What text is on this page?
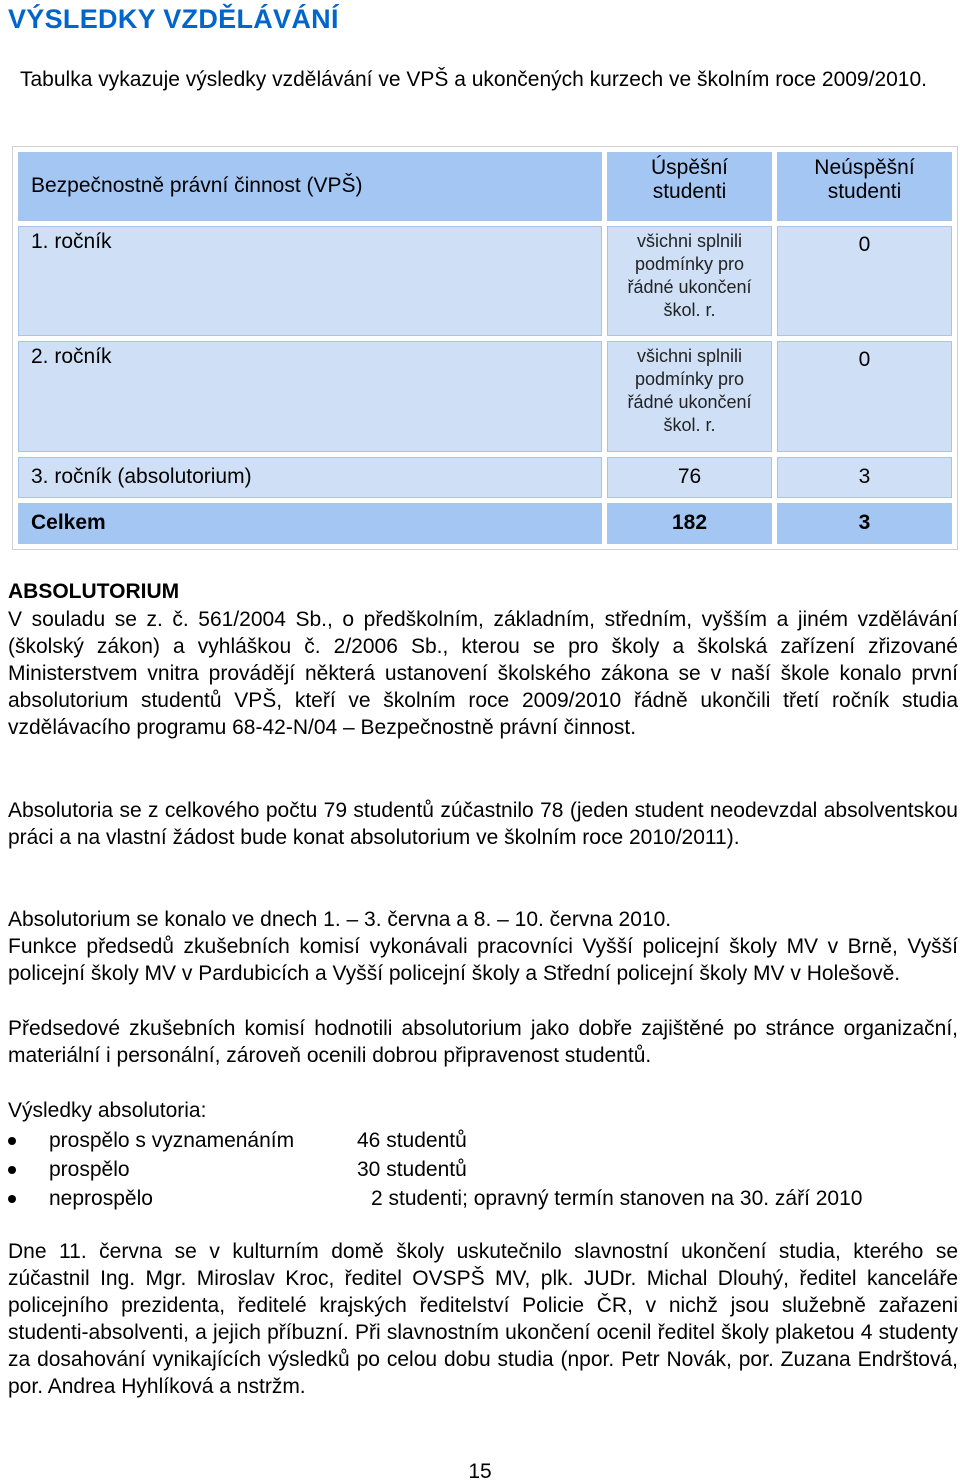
VÝSLEDKY VZDĚLÁVÁNÍ

Tabulka vykazuje výsledky vzdělávání ve VPŠ a ukončených kurzech ve školním roce 2009/2010.

Bezpečnostně právní činnost (VPŠ)	Úspěšní studenti	Neúspěšní studenti
1. ročník	všichni splnili podmínky pro řádné ukončení škol. r.	0
2. ročník	všichni splnili podmínky pro řádné ukončení škol. r.	0
3. ročník (absolutorium)	76	3
Celkem	182	3
ABSOLUTORIUM

V souladu se z. č. 561/2004 Sb., o předškolním, základním, středním, vyšším a jiném vzdělávání (školský zákon) a vyhláškou č. 2/2006 Sb., kterou se pro školy a školská zařízení zřizované Ministerstvem vnitra provádějí některá ustanovení školského zákona se v naší škole konalo první absolutorium studentů VPŠ, kteří ve školním roce 2009/2010 řádně ukončili třetí ročník studia vzdělávacího programu 68-42-N/04 – Bezpečnostně právní činnost.

Absolutoria se z celkového počtu 79 studentů zúčastnilo 78 (jeden student neodevzdal absolventskou práci a na vlastní žádost bude konat absolutorium ve školním roce 2010/2011).

Absolutorium se konalo ve dnech 1. – 3. června a 8. – 10. června 2010.

Funkce předsedů zkušebních komisí vykonávali pracovníci Vyšší policejní školy MV v Brně, Vyšší policejní školy MV v Pardubicích a Vyšší policejní školy a Střední policejní školy MV v Holešově.

Předsedové zkušebních komisí hodnotili absolutorium jako dobře zajištěné po stránce organizační, materiální i personální, zároveň ocenili dobrou připravenost studentů.

Výsledky absolutoria:

prospělo s vyznamenáním	46 studentů
prospělo	30 studentů
neprospělo	2 studenti; opravný termín stanoven na 30. září 2010

Dne 11. června se v kulturním domě školy uskutečnilo slavnostní ukončení studia, kterého se zúčastnil Ing. Mgr. Miroslav Kroc, ředitel OVSPŠ MV, plk. JUDr. Michal Dlouhý, ředitel kanceláře policejního prezidenta, ředitelé krajských ředitelství Policie ČR, v nichž jsou služebně zařazeni studenti-absolventi, a jejich příbuzní. Při slavnostním ukončení ocenil ředitel školy plaketou 4 studenty za dosahování vynikajících výsledků po celou dobu studia (npor. Petr Novák, por. Zuzana Endrštová, por. Andrea Hyhlíková a nstržm.

15
